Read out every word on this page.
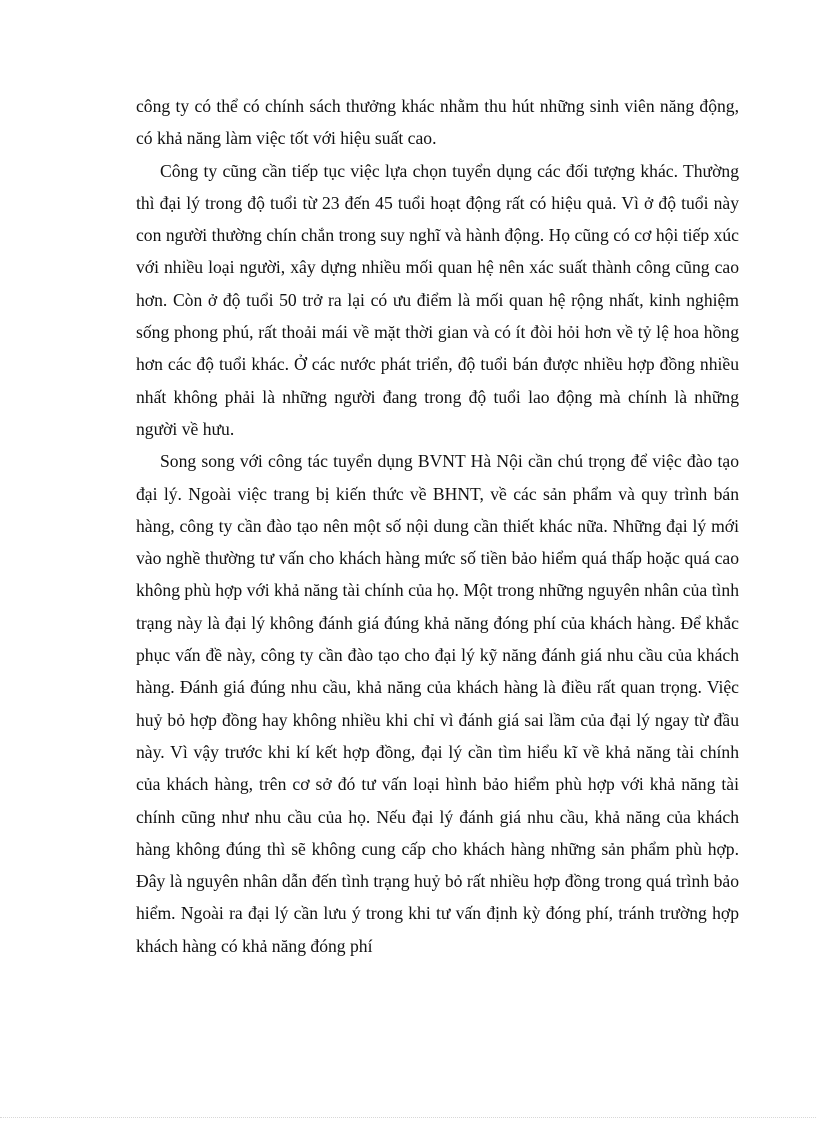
công ty có thể có chính sách thưởng khác nhằm thu hút những sinh viên năng động, có khả năng làm việc tốt với hiệu suất cao.

Công ty cũng cần tiếp tục việc lựa chọn tuyển dụng các đối tượng khác. Thường thì đại lý trong độ tuổi từ 23 đến 45 tuổi hoạt động rất có hiệu quả. Vì ở độ tuổi này con người thường chín chắn trong suy nghĩ và hành động. Họ cũng có cơ hội tiếp xúc với nhiều loại người, xây dựng nhiều mối quan hệ nên xác suất thành công cũng cao hơn. Còn ở độ tuổi 50 trở ra lại có ưu điểm là mối quan hệ rộng nhất, kinh nghiệm sống phong phú, rất thoải mái về mặt thời gian và có ít đòi hỏi hơn về tỷ lệ hoa hồng hơn các độ tuổi khác. Ở các nước phát triển, độ tuổi bán được nhiều hợp đồng nhiều nhất không phải là những người đang trong độ tuổi lao động mà chính là những người về hưu.

Song song với công tác tuyển dụng BVNT Hà Nội cần chú trọng để việc đào tạo đại lý. Ngoài việc trang bị kiến thức về BHNT, về các sản phẩm và quy trình bán hàng, công ty cần đào tạo nên một số nội dung cần thiết khác nữa. Những đại lý mới vào nghề thường tư vấn cho khách hàng mức số tiền bảo hiểm quá thấp hoặc quá cao không phù hợp với khả năng tài chính của họ. Một trong những nguyên nhân của tình trạng này là đại lý không đánh giá đúng khả năng đóng phí của khách hàng. Để khắc phục vấn đề này, công ty cần đào tạo cho đại lý kỹ năng đánh giá nhu cầu của khách hàng. Đánh giá đúng nhu cầu, khả năng của khách hàng là điều rất quan trọng. Việc huỷ bỏ hợp đồng hay không nhiều khi chỉ vì đánh giá sai lầm của đại lý ngay từ đầu này. Vì vậy trước khi kí kết hợp đồng, đại lý cần tìm hiểu kĩ về khả năng tài chính của khách hàng, trên cơ sở đó tư vấn loại hình bảo hiểm phù hợp với khả năng tài chính cũng như nhu cầu của họ. Nếu đại lý đánh giá nhu cầu, khả năng của khách hàng không đúng thì sẽ không cung cấp cho khách hàng những sản phẩm phù hợp. Đây là nguyên nhân dẫn đến tình trạng huỷ bỏ rất nhiều hợp đồng trong quá trình bảo hiểm. Ngoài ra đại lý cần lưu ý trong khi tư vấn định kỳ đóng phí, tránh trường hợp khách hàng có khả năng đóng phí
